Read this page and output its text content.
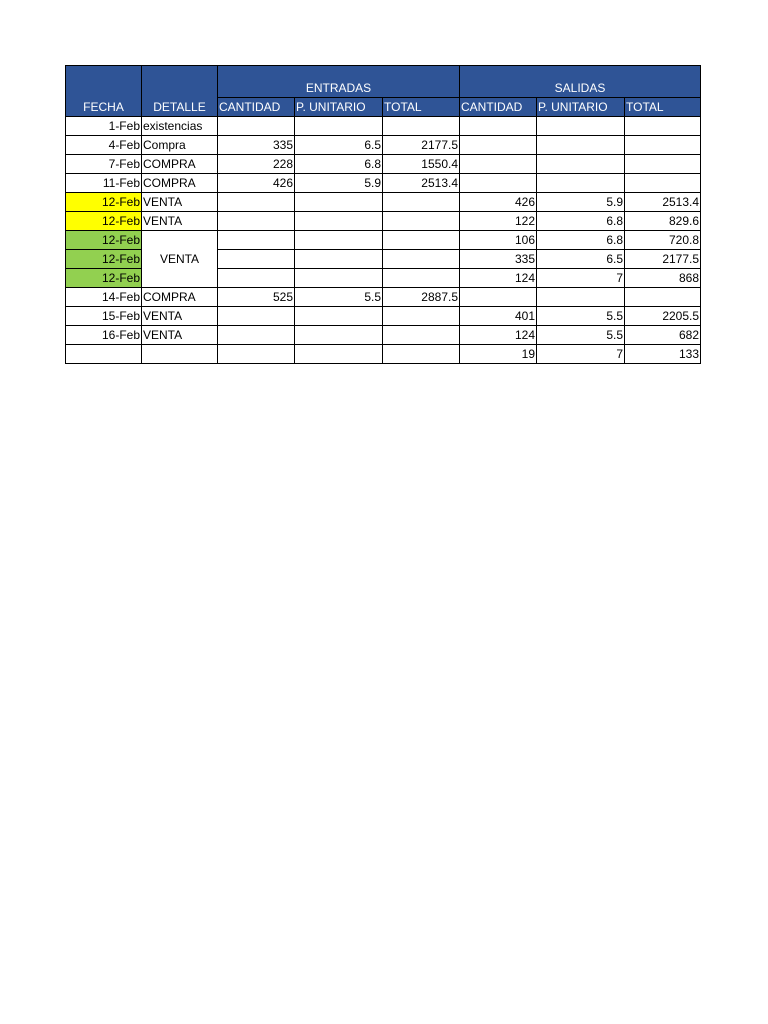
FECHA	DETALLE	ENTRADAS			SALIDAS		
		CANTIDAD	P. UNITARIO	TOTAL	CANTIDAD	P. UNITARIO	TOTAL
1-Feb	existencias						
4-Feb	Compra	335	6.5	2177.5			
7-Feb	COMPRA	228	6.8	1550.4			
11-Feb	COMPRA	426	5.9	2513.4			
12-Feb	VENTA				426	5.9	2513.4
12-Feb	VENTA				122	6.8	829.6
12-Feb	VENTA				106	6.8	720.8
12-Feb					335	6.5	2177.5
12-Feb					124	7	868
14-Feb	COMPRA	525	5.5	2887.5			
15-Feb	VENTA				401	5.5	2205.5
16-Feb	VENTA				124	5.5	682
					19	7	133
